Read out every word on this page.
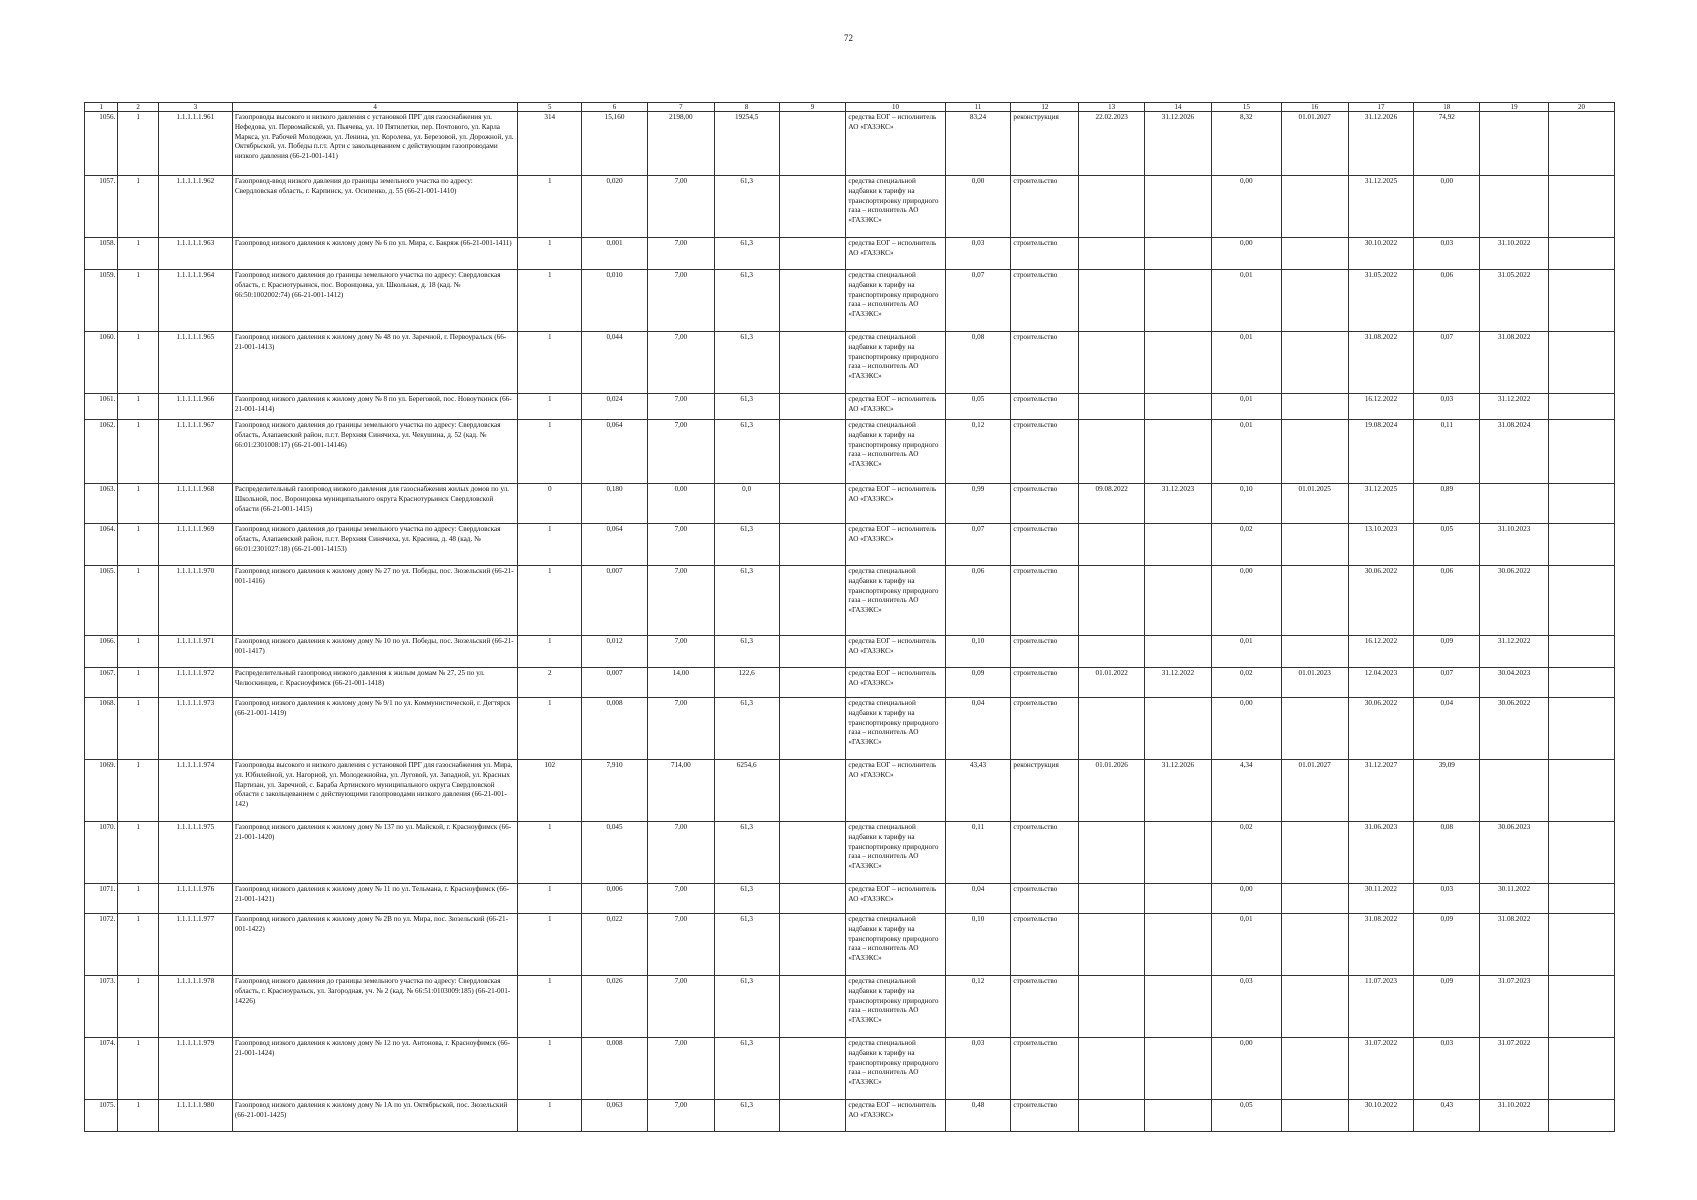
72
1	2	3	4	5	6	7	8	9	10	11	12	13	14	15	16	17	18	19	20
1056.	1	1.1.1.1.1.961	Газопроводы высокого и низкого давления с установкой ПРГ для газоснабжения ул. Нефедова, ул. Первомайской, ул. Пьячева, ул. 10 Пятилетки, пер. Почтового, ул. Карла Маркса, ул. Рабочей Молодежи, ул. Ленина, ул. Королева, ул. Березовой, ул. Дорожной, ул. Октябрьской, ул. Победы п.г.т. Арти с закольцеванием с действующим газопроводами низкого давления (66-21-001-141)	314	15,160	2198,00	19254,5		средства ЕОГ – исполнитель АО «ГАЗЭКС»	83,24	реконструкция	22.02.2023	31.12.2026	8,32	01.01.2027	31.12.2026	74,92		
1057.	1	1.1.1.1.1.962	Газопровод-ввод низкого давления до границы земельного участка по адресу: Свердловская область, г. Карпинск, ул. Осипенко, д. 55 (66-21-001-1410)	1	0,020	7,00	61,3		средства специальной надбавки к тарифу на транспортировку природного газа – исполнитель АО «ГАЗЭКС»	0,00	строительство			0,00		31.12.2025	0,00		
1058.	1	1.1.1.1.1.963	Газопровод низкого давления к жилому дому № 6 по ул. Мира, с. Бакряж (66-21-001-1411)	1	0,001	7,00	61,3		средства ЕОГ – исполнитель АО «ГАЗЭКС»	0,03	строительство			0,00		30.10.2022	0,03	31.10.2022	
1059.	1	1.1.1.1.1.964	Газопровод низкого давления до границы земельного участка по адресу: Свердловская область, г. Краснотурьинск, пос. Воронцовка, ул. Школьная, д. 18 (кад. № 66:50:1002002:74) (66-21-001-1412)	1	0,010	7,00	61,3		средства специальной надбавки к тарифу на транспортировку природного газа – исполнитель АО «ГАЗЭКС»	0,07	строительство			0,01		31.05.2022	0,06	31.05.2022	
1060.	1	1.1.1.1.1.965	Газопровод низкого давления к жилому дому № 48 по ул. Заречной, г. Первоуральск (66-21-001-1413)	1	0,044	7,00	61,3		средства специальной надбавки к тарифу на транспортировку природного газа – исполнитель АО «ГАЗЭКС»	0,08	строительство			0,01		31.08.2022	0,07	31.08.2022	
1061.	1	1.1.1.1.1.966	Газопровод низкого давления к жилому дому № 8 по ул. Береговой, пос. Новоуткинск (66-21-001-1414)	1	0,024	7,00	61,3		средства ЕОГ – исполнитель АО «ГАЗЭКС»	0,05	строительство			0,01		16.12.2022	0,03	31.12.2022	
1062.	1	1.1.1.1.1.967	Газопровод низкого давления до границы земельного участка по адресу: Свердловская область, Алапаевский район, п.г.т. Верхняя Синячиха, ул. Чекушина, д. 52 (кад. № 66:01:2301008:17) (66-21-001-14146)	1	0,064	7,00	61,3		средства специальной надбавки к тарифу на транспортировку природного газа – исполнитель АО «ГАЗЭКС»	0,12	строительство			0,01		19.08.2024	0,11	31.08.2024	
1063.	1	1.1.1.1.1.968	Распределительный газопровод низкого давления для газоснабжения жилых домов по ул. Школьной, пос. Воронцовка муниципального округа Краснотурьинск Свердловской области (66-21-001-1415)	0	0,180	0,00	0,0		средства ЕОГ – исполнитель АО «ГАЗЭКС»	0,99	строительство	09.08.2022	31.12.2023	0,10	01.01.2025	31.12.2025	0,89		
1064.	1	1.1.1.1.1.969	Газопровод низкого давления до границы земельного участка по адресу: Свердловская область, Алапаевский район, п.г.т. Верхняя Синячиха, ул. Красина, д. 48 (кад. № 66:01:2301027:18) (66-21-001-14153)	1	0,064	7,00	61,3		средства ЕОГ – исполнитель АО «ГАЗЭКС»	0,07	строительство			0,02		13.10.2023	0,05	31.10.2023	
1065.	1	1.1.1.1.1.970	Газопровод низкого давления к жилому дому № 27 по ул. Победы, пос. Зюзельский (66-21-001-1416)	1	0,007	7,00	61,3		средства специальной надбавки к тарифу на транспортировку природного газа – исполнитель АО «ГАЗЭКС»	0,06	строительство			0,00		30.06.2022	0,06	30.06.2022	
1066.	1	1.1.1.1.1.971	Газопровод низкого давления к жилому дому № 10 по ул. Победы, пос. Зюзельский (66-21-001-1417)	1	0,012	7,00	61,3		средства ЕОГ – исполнитель АО «ГАЗЭКС»	0,10	строительство			0,01		16.12.2022	0,09	31.12.2022	
1067.	1	1.1.1.1.1.972	Распределительный газопровод низкого давления к жилым домам № 27, 25 по ул. Челюскинцев, г. Красноуфимск (66-21-001-1418)	2	0,007	14,00	122,6		средства ЕОГ – исполнитель АО «ГАЗЭКС»	0,09	строительство	01.01.2022	31.12.2022	0,02	01.01.2023	12.04.2023	0,07	30.04.2023	
1068.	1	1.1.1.1.1.973	Газопровод низкого давления к жилому дому № 9/1 по ул. Коммунистической, г. Дегтярск (66-21-001-1419)	1	0,008	7,00	61,3		средства специальной надбавки к тарифу на транспортировку природного газа – исполнитель АО «ГАЗЭКС»	0,04	строительство			0,00		30.06.2022	0,04	30.06.2022	
1069.	1	1.1.1.1.1.974	Газопроводы высокого и низкого давления с установкой ПРГ для газоснабжения ул. Мира, ул. Юбилейной, ул. Нагорной, ул. Молодежнойна, ул. Луговой, ул. Западной, ул. Красных Партизан, ул. Заречной, с. Бараба Артинского муниципального округа Свердловской области с закольцеванием с действующими газопроводами низкого давления (66-21-001-142)	102	7,910	714,00	6254,6		средства ЕОГ – исполнитель АО «ГАЗЭКС»	43,43	реконструкция	01.01.2026	31.12.2026	4,34	01.01.2027	31.12.2027	39,09		
1070.	1	1.1.1.1.1.975	Газопровод низкого давления к жилому дому № 137 по ул. Майской, г. Красноуфимск (66-21-001-1420)	1	0,045	7,00	61,3		средства специальной надбавки к тарифу на транспортировку природного газа – исполнитель АО «ГАЗЭКС»	0,11	строительство			0,02		31.06.2023	0,08	30.06.2023	
1071.	1	1.1.1.1.1.976	Газопровод низкого давления к жилому дому № 11 по ул. Тельмана, г. Красноуфимск (66-21-001-1421)	1	0,006	7,00	61,3		средства ЕОГ – исполнитель АО «ГАЗЭКС»	0,04	строительство			0,00		30.11.2022	0,03	30.11.2022	
1072.	1	1.1.1.1.1.977	Газопровод низкого давления к жилому дому № 2В по ул. Мира, пос. Зюзельский (66-21-001-1422)	1	0,022	7,00	61,3		средства специальной надбавки к тарифу на транспортировку природного газа – исполнитель АО «ГАЗЭКС»	0,10	строительство			0,01		31.08.2022	0,09	31.08.2022	
1073.	1	1.1.1.1.1.978	Газопровод низкого давления до границы земельного участка по адресу: Свердловская область, г. Красноуральск, ул. Загородная, уч. № 2 (кад. № 66:51:0103009:185) (66-21-001-14226)	1	0,026	7,00	61,3		средства специальной надбавки к тарифу на транспортировку природного газа – исполнитель АО «ГАЗЭКС»	0,12	строительство			0,03		11.07.2023	0,09	31.07.2023	
1074.	1	1.1.1.1.1.979	Газопровод низкого давления к жилому дому № 12 по ул. Антонова, г. Красноуфимск (66-21-001-1424)	1	0,008	7,00	61,3		средства специальной надбавки к тарифу на транспортировку природного газа – исполнитель АО «ГАЗЭКС»	0,03	строительство			0,00		31.07.2022	0,03	31.07.2022	
1075.	1	1.1.1.1.1.980	Газопровод низкого давления к жилому дому № 1А по ул. Октябрьской, пос. Зюзельский (66-21-001-1425)	1	0,063	7,00	61,3		средства ЕОГ – исполнитель АО «ГАЗЭКС»	0,48	строительство			0,05		30.10.2022	0,43	31.10.2022	
